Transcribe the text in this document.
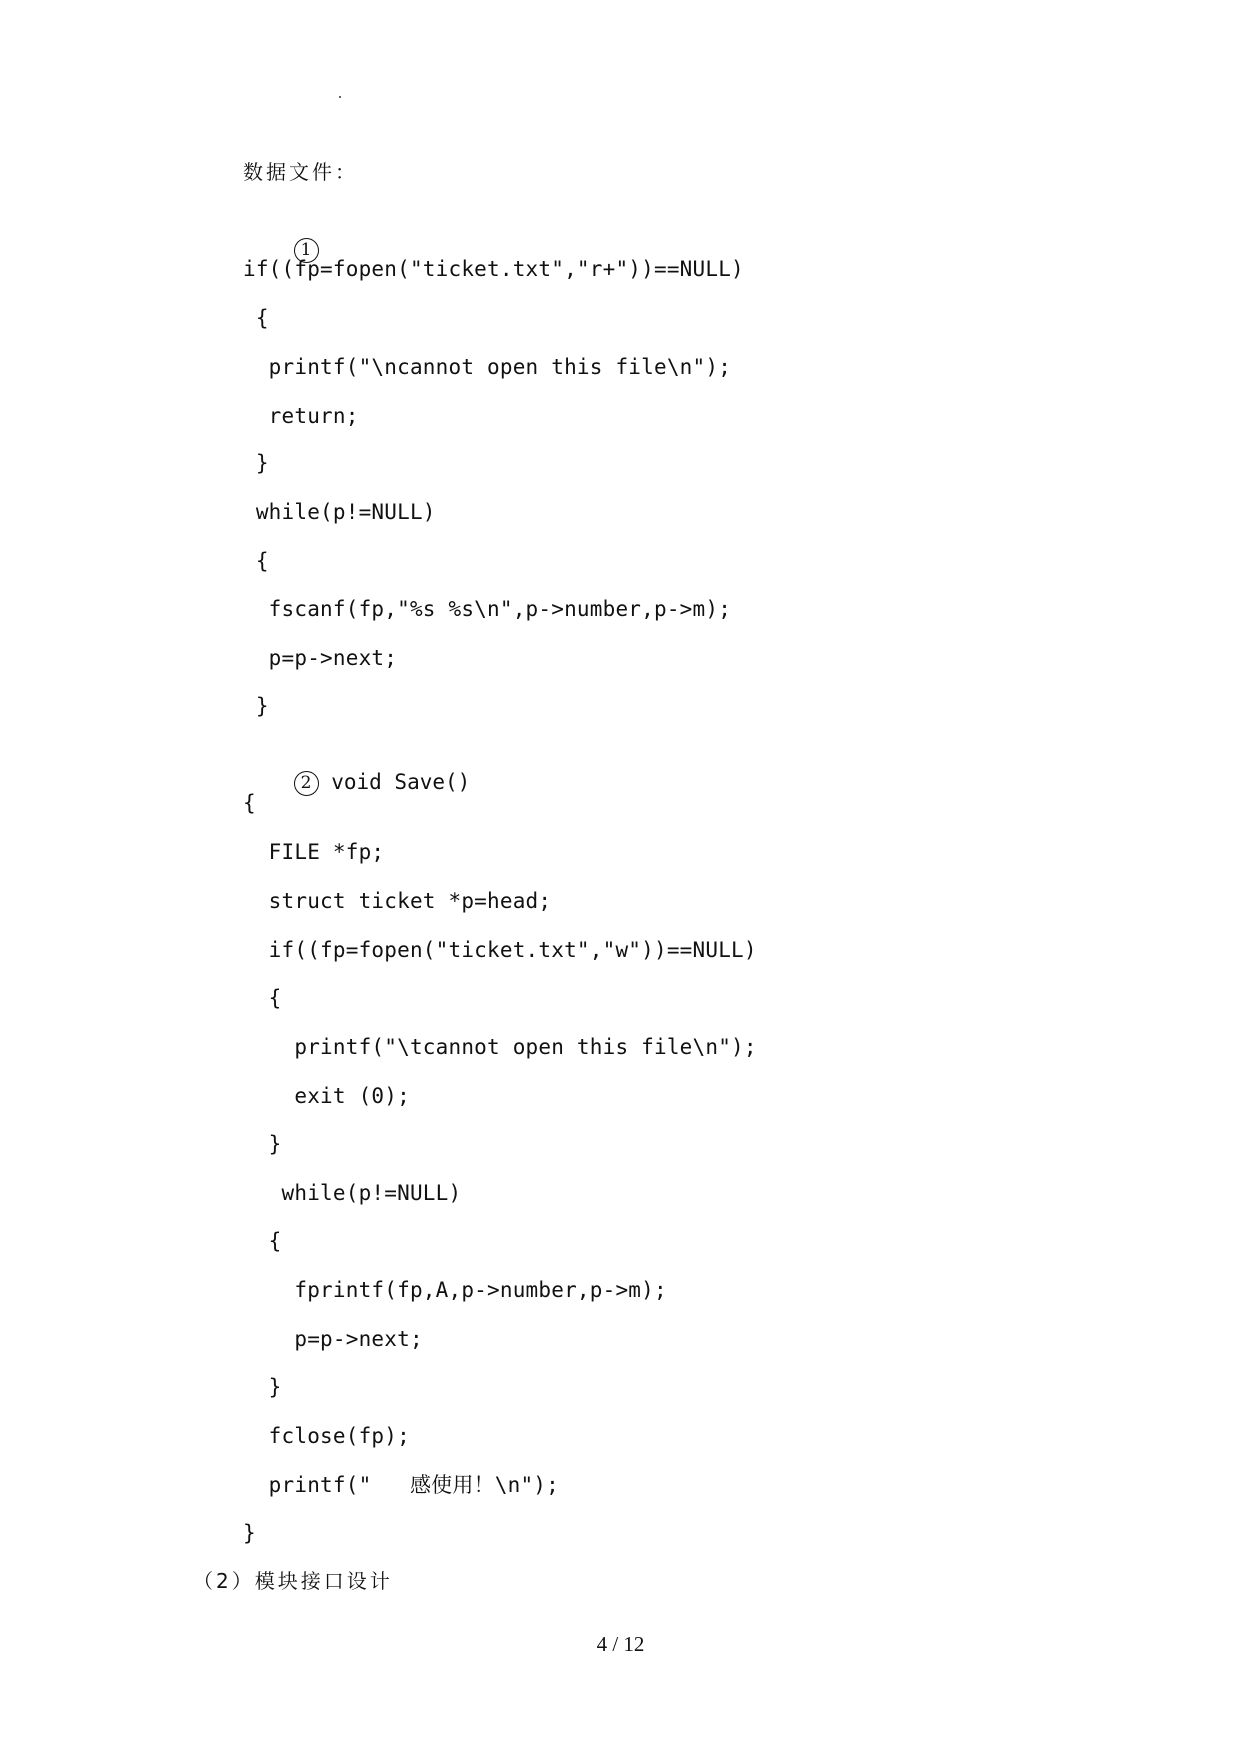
数据文件：

1

if((fp=fopen("ticket.txt","r+"))==NULL)
{
printf("\ncannot open this file\n");
return;
}
while(p!=NULL)
{
fscanf(fp,"%s %s\n",p->number,p->m);
p=p->next;
}

2 void Save()

{
FILE *fp;
struct ticket *p=head;
if((fp=fopen("ticket.txt","w"))==NULL)
{
printf("\tcannot open this file\n");
exit (0);
}
while(p!=NULL)
{
fprintf(fp,A,p->number,p->m);
p=p->next;
}
fclose(fp);
printf("   感使用！\n");
}
（2）模块接口设计
4 / 12
